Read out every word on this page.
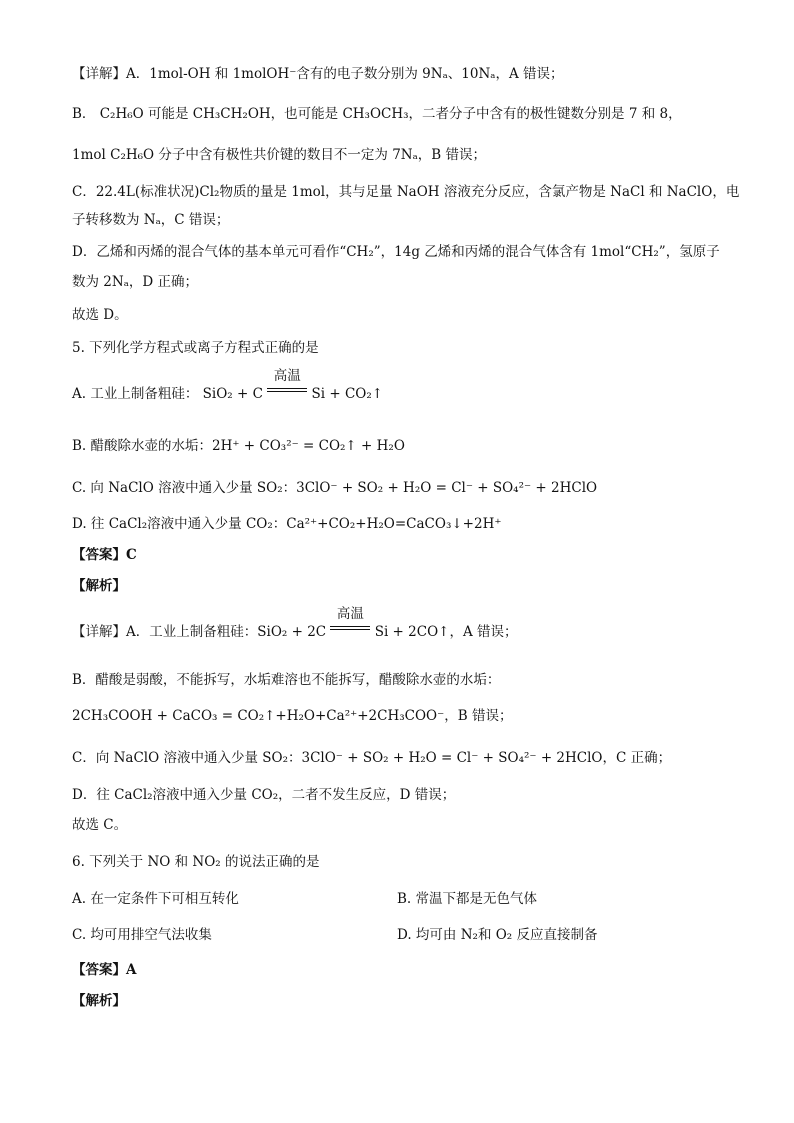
【详解】A．1mol-OH 和 1molOH⁻含有的电子数分别为 9Nₐ、10Nₐ，A 错误；
B． C₂H₆O 可能是 CH₃CH₂OH，也可能是 CH₃OCH₃，二者分子中含有的极性键数分别是 7 和 8，
1mol C₂H₆O 分子中含有极性共价键的数目不一定为 7Nₐ，B 错误；
C．22.4L(标准状况)Cl₂物质的量是 1mol，其与足量 NaOH 溶液充分反应，含氯产物是 NaCl 和 NaClO，电
子转移数为 Nₐ，C 错误；
D．乙烯和丙烯的混合气体的基本单元可看作“CH₂”，14g 乙烯和丙烯的混合气体含有 1mol“CH₂”，氢原子
数为 2Nₐ，D 正确；
故选 D。
5. 下列化学方程式或离子方程式正确的是
A. 工业上制备粗硅： SiO₂ + C
高温
Si + CO₂↑
B. 醋酸除水壶的水垢：2H⁺ + CO₃²⁻ = CO₂↑ + H₂O
C. 向 NaClO 溶液中通入少量 SO₂：3ClO⁻ + SO₂ + H₂O = Cl⁻ + SO₄²⁻ + 2HClO
D. 往 CaCl₂溶液中通入少量 CO₂：Ca²⁺+CO₂+H₂O=CaCO₃↓+2H⁺
【答案】C
【解析】
【详解】A．工业上制备粗硅：SiO₂ + 2C
高温
Si + 2CO↑，A 错误；
B．醋酸是弱酸，不能拆写，水垢难溶也不能拆写，醋酸除水壶的水垢：
2CH₃COOH + CaCO₃ = CO₂↑+H₂O+Ca²⁺+2CH₃COO⁻，B 错误；
C．向 NaClO 溶液中通入少量 SO₂：3ClO⁻ + SO₂ + H₂O = Cl⁻ + SO₄²⁻ + 2HClO，C 正确；
D．往 CaCl₂溶液中通入少量 CO₂，二者不发生反应，D 错误；
故选 C。
6. 下列关于 NO 和 NO₂ 的说法正确的是
A. 在一定条件下可相互转化	B. 常温下都是无色气体
C. 均可用排空气法收集	D. 均可由 N₂和 O₂ 反应直接制备
【答案】A
【解析】
